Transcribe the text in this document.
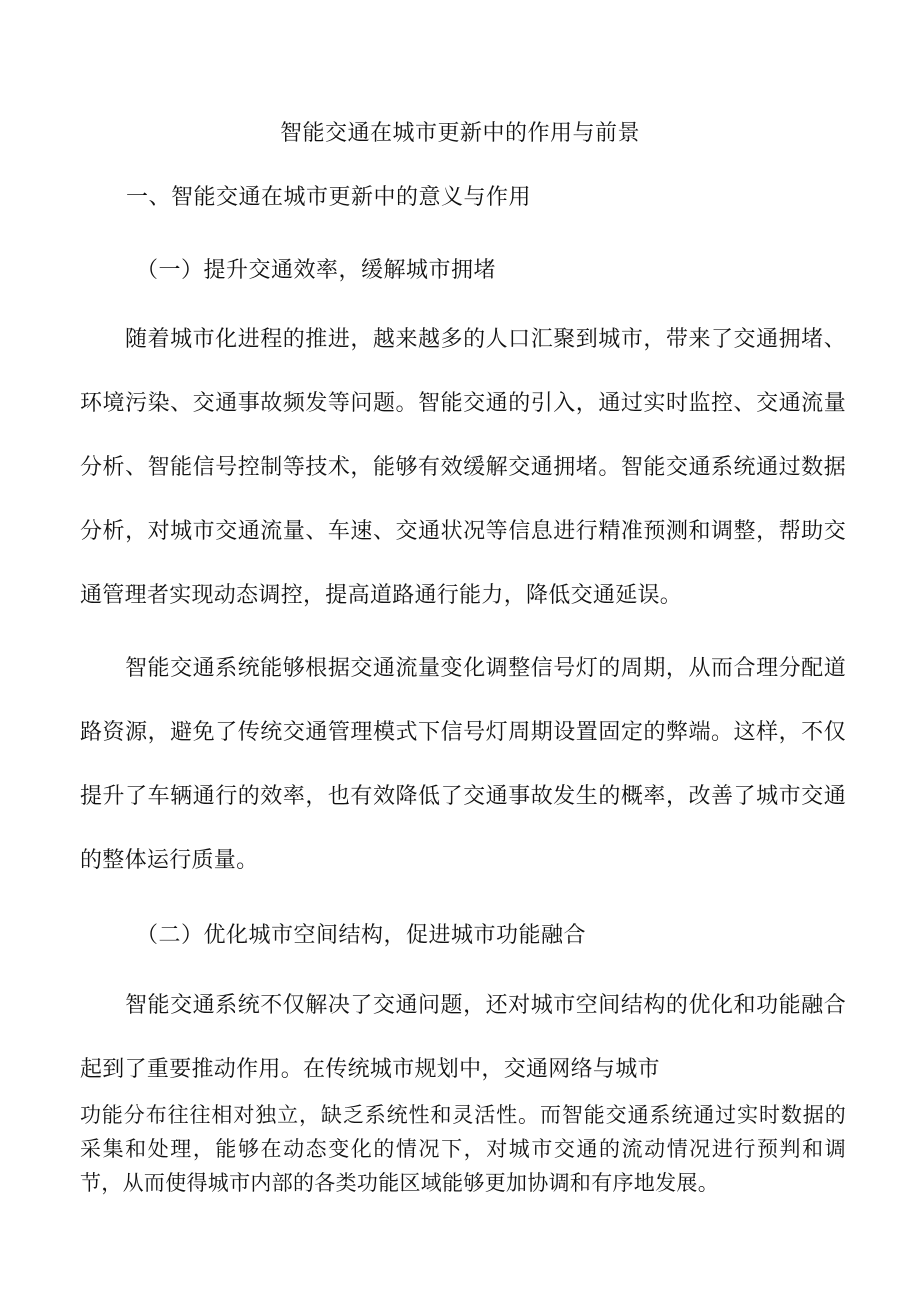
智能交通在城市更新中的作用与前景
一、智能交通在城市更新中的意义与作用
（一）提升交通效率，缓解城市拥堵
随着城市化进程的推进，越来越多的人口汇聚到城市，带来了交通拥堵、环境污染、交通事故频发等问题。智能交通的引入，通过实时监控、交通流量分析、智能信号控制等技术，能够有效缓解交通拥堵。智能交通系统通过数据分析，对城市交通流量、车速、交通状况等信息进行精准预测和调整，帮助交通管理者实现动态调控，提高道路通行能力，降低交通延误。
智能交通系统能够根据交通流量变化调整信号灯的周期，从而合理分配道路资源，避免了传统交通管理模式下信号灯周期设置固定的弊端。这样，不仅提升了车辆通行的效率，也有效降低了交通事故发生的概率，改善了城市交通的整体运行质量。
（二）优化城市空间结构，促进城市功能融合
智能交通系统不仅解决了交通问题，还对城市空间结构的优化和功能融合起到了重要推动作用。在传统城市规划中，交通网络与城市
功能分布往往相对独立，缺乏系统性和灵活性。而智能交通系统通过实时数据的采集和处理，能够在动态变化的情况下，对城市交通的流动情况进行预判和调节，从而使得城市内部的各类功能区域能够更加协调和有序地发展。
